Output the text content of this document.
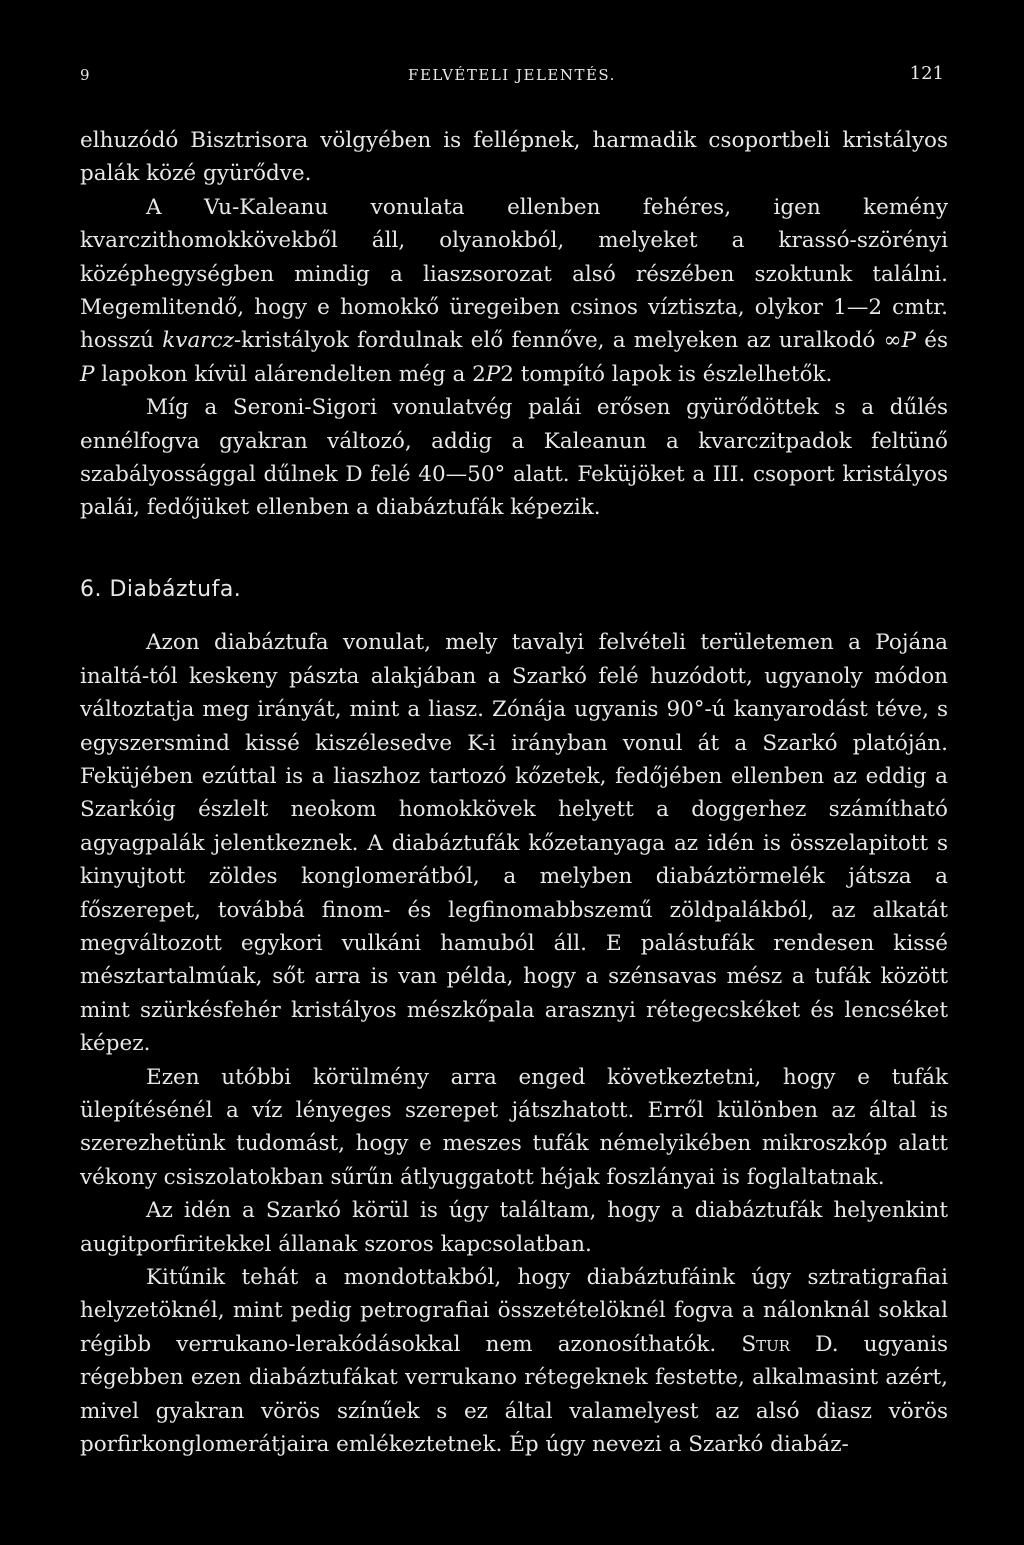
9	FELVÉTELI JELENTÉS.	121

elhuzódó Bisztrisora völgyében is fellépnek, harmadik csoportbeli kristályos palák közé gyürődve.

A Vu-Kaleanu vonulata ellenben fehéres, igen kemény kvarczithomokkövekből áll, olyanokból, melyeket a krassó-szörényi középhegységben mindig a liaszsorozat alsó részében szoktunk találni. Megemlitendő, hogy e homokkő üregeiben csinos víztiszta, olykor 1—2 cmtr. hosszú kvarcz-kristályok fordulnak elő fennőve, a melyeken az uralkodó ∞P és P lapokon kívül alárendelten még a 2P2 tompító lapok is észlelhetők.

Míg a Seroni-Sigori vonulatvég palái erősen gyürődöttek s a dűlés ennélfogva gyakran változó, addig a Kaleanun a kvarczitpadok feltünő szabályossággal dűlnek D felé 40—50° alatt. Feküjöket a III. csoport kristályos palái, fedőjüket ellenben a diabáztufák képezik.

6. Diabáztufa.

Azon diabáztufa vonulat, mely tavalyi felvételi területemen a Pojána inaltá-tól keskeny pászta alakjában a Szarkó felé huzódott, ugyanoly módon változtatja meg irányát, mint a liasz. Zónája ugyanis 90°-ú kanyarodást téve, s egyszersmind kissé kiszélesedve K-i irányban vonul át a Szarkó platóján. Feküjében ezúttal is a liaszhoz tartozó kőzetek, fedőjében ellenben az eddig a Szarkóig észlelt neokom homokkövek helyett a doggerhez számítható agyagpalák jelentkeznek. A diabáztufák kőzetanyaga az idén is összelapitott s kinyujtott zöldes konglomerátból, a melyben diabáztörmelék játsza a főszerepet, továbbá finom- és legfinomabbszemű zöldpalákból, az alkatát megváltozott egykori vulkáni hamuból áll. E palástufák rendesen kissé mésztartalmúak, sőt arra is van példa, hogy a szénsavas mész a tufák között mint szürkésfehér kristályos mészkőpala arasznyi rétegecskéket és lencséket képez.

Ezen utóbbi körülmény arra enged következtetni, hogy e tufák ülepítésénél a víz lényeges szerepet játszhatott. Erről különben az által is szerezhetünk tudomást, hogy e meszes tufák némelyikében mikroszkóp alatt vékony csiszolatokban sűrűn átlyuggatott héjak foszlányai is foglaltatnak.

Az idén a Szarkó körül is úgy találtam, hogy a diabáztufák helyenkint augitporfiritekkel állanak szoros kapcsolatban.

Kitűnik tehát a mondottakból, hogy diabáztufáink úgy sztratigrafiai helyzetöknél, mint pedig petrografiai összetételöknél fogva a nálonknál sokkal régibb verrukano-lerakódásokkal nem azonosíthatók. Stur D. ugyanis régebben ezen diabáztufákat verrukano rétegeknek festette, alkalmasint azért, mivel gyakran vörös színűek s ez által valamelyest az alsó diasz vörös porfirkonglomerátjaira emlékeztetnek. Ép úgy nevezi a Szarkó diabáz-
